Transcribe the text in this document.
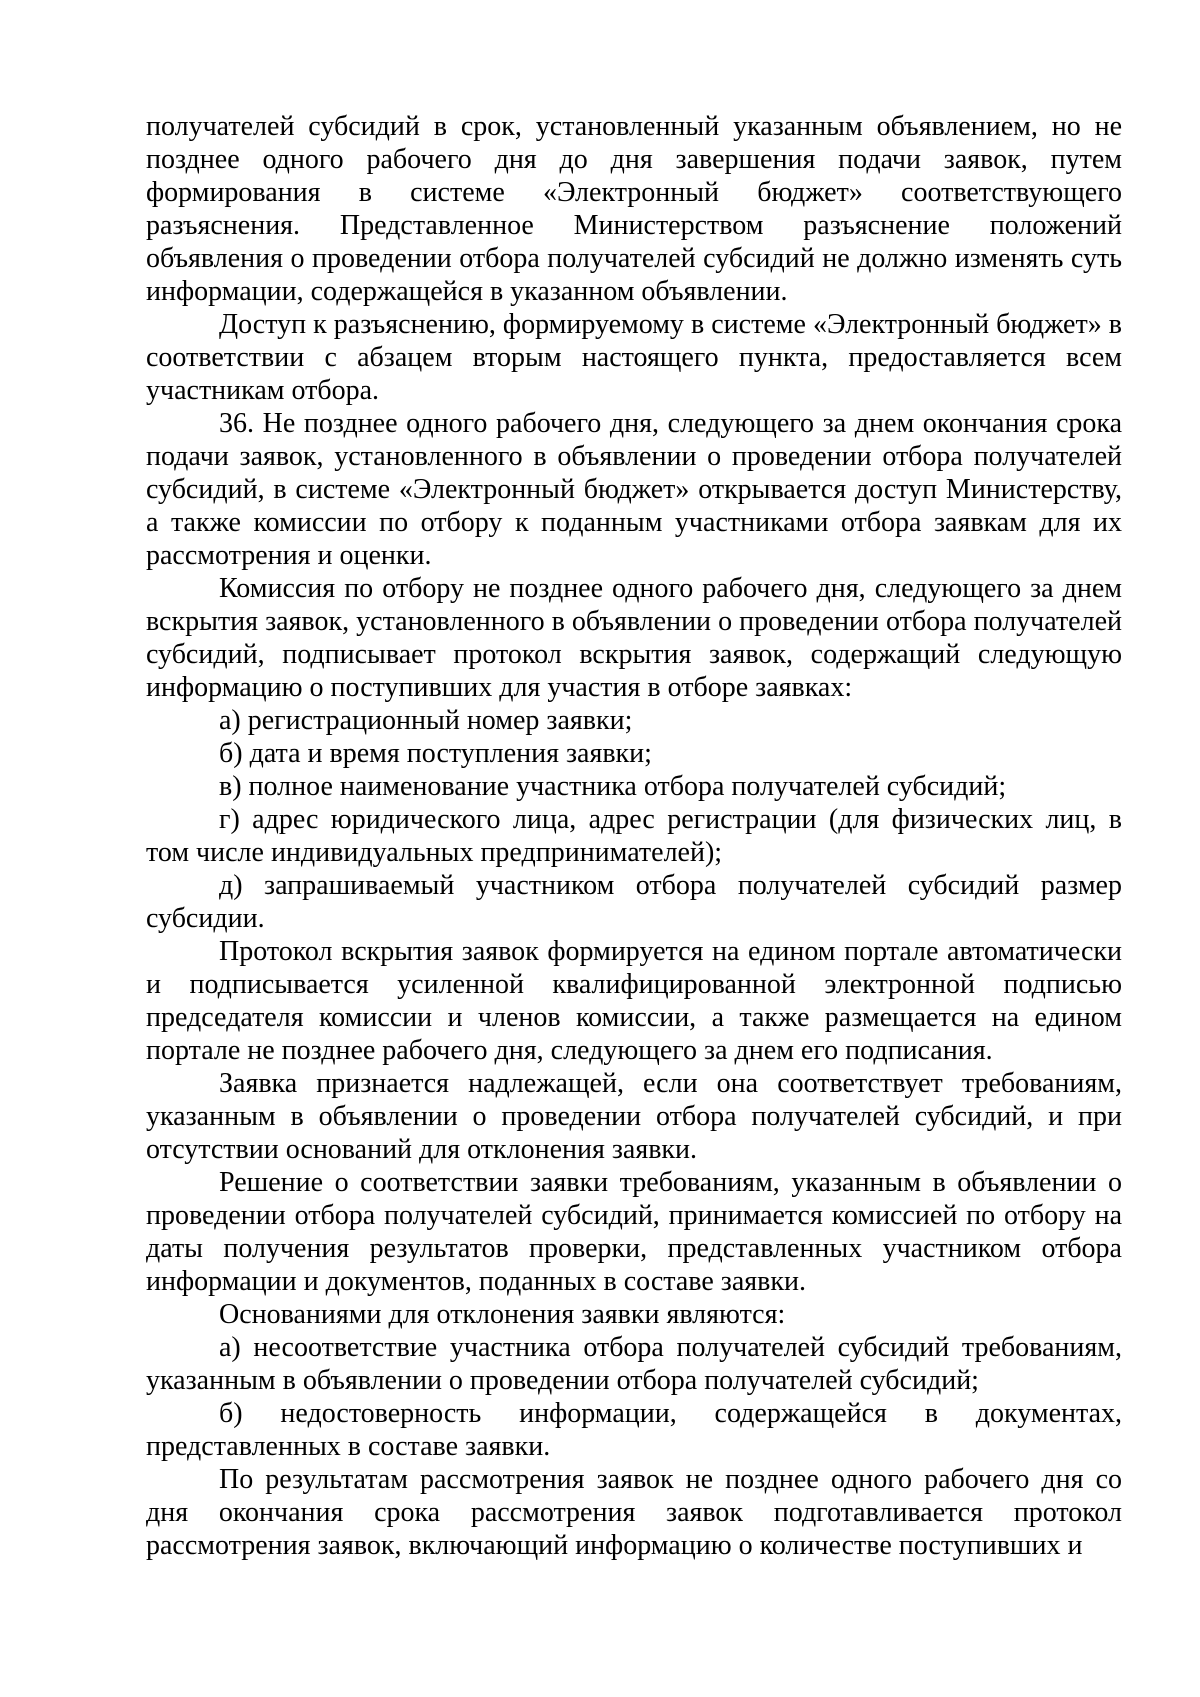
получателей субсидий в срок, установленный указанным объявлением, но не позднее одного рабочего дня до дня завершения подачи заявок, путем формирования в системе «Электронный бюджет» соответствующего разъяснения. Представленное Министерством разъяснение положений объявления о проведении отбора получателей субсидий не должно изменять суть информации, содержащейся в указанном объявлении.

Доступ к разъяснению, формируемому в системе «Электронный бюджет» в соответствии с абзацем вторым настоящего пункта, предоставляется всем участникам отбора.

36. Не позднее одного рабочего дня, следующего за днем окончания срока подачи заявок, установленного в объявлении о проведении отбора получателей субсидий, в системе «Электронный бюджет» открывается доступ Министерству, а также комиссии по отбору к поданным участниками отбора заявкам для их рассмотрения и оценки.

Комиссия по отбору не позднее одного рабочего дня, следующего за днем вскрытия заявок, установленного в объявлении о проведении отбора получателей субсидий, подписывает протокол вскрытия заявок, содержащий следующую информацию о поступивших для участия в отборе заявках:

а) регистрационный номер заявки;

б) дата и время поступления заявки;

в) полное наименование участника отбора получателей субсидий;

г) адрес юридического лица, адрес регистрации (для физических лиц, в том числе индивидуальных предпринимателей);

д) запрашиваемый участником отбора получателей субсидий размер субсидии.

Протокол вскрытия заявок формируется на едином портале автоматически и подписывается усиленной квалифицированной электронной подписью председателя комиссии и членов комиссии, а также размещается на едином портале не позднее рабочего дня, следующего за днем его подписания.

Заявка признается надлежащей, если она соответствует требованиям, указанным в объявлении о проведении отбора получателей субсидий, и при отсутствии оснований для отклонения заявки.

Решение о соответствии заявки требованиям, указанным в объявлении о проведении отбора получателей субсидий, принимается комиссией по отбору на даты получения результатов проверки, представленных участником отбора информации и документов, поданных в составе заявки.

Основаниями для отклонения заявки являются:

а) несоответствие участника отбора получателей субсидий требованиям, указанным в объявлении о проведении отбора получателей субсидий;

б) недостоверность информации, содержащейся в документах, представленных в составе заявки.

По результатам рассмотрения заявок не позднее одного рабочего дня со дня окончания срока рассмотрения заявок подготавливается протокол рассмотрения заявок, включающий информацию о количестве поступивших и
